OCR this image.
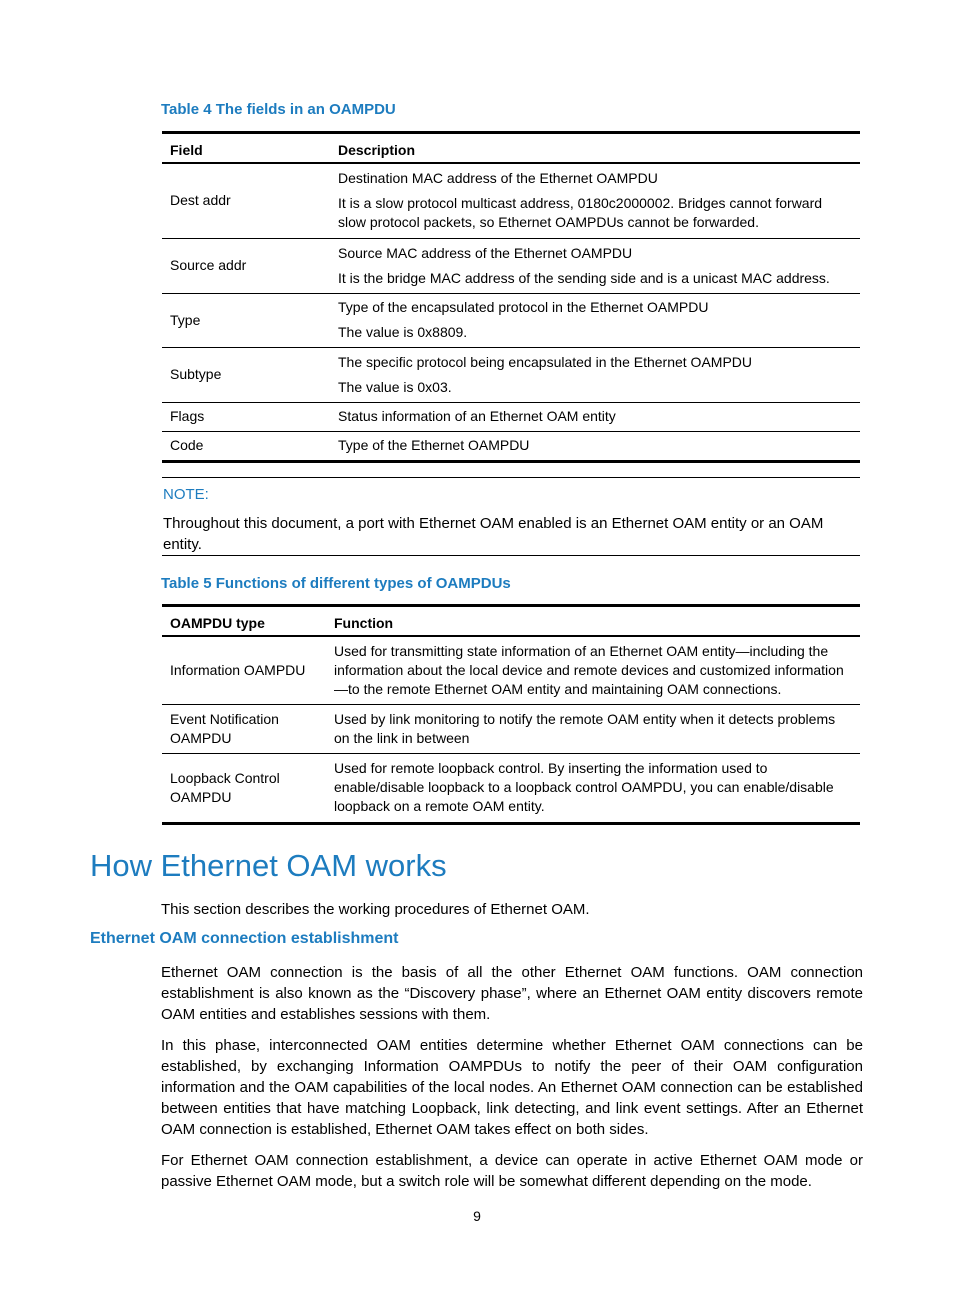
Table 4 The fields in an OAMPDU
Field	Description
Dest addr	Destination MAC address of the Ethernet OAMPDU

It is a slow protocol multicast address, 0180c2000002. Bridges cannot forward slow protocol packets, so Ethernet OAMPDUs cannot be forwarded.

Source addr	Source MAC address of the Ethernet OAMPDU

It is the bridge MAC address of the sending side and is a unicast MAC address.

Type	Type of the encapsulated protocol in the Ethernet OAMPDU

The value is 0x8809.

Subtype	The specific protocol being encapsulated in the Ethernet OAMPDU

The value is 0x03.

Flags	Status information of an Ethernet OAM entity

Code	Type of the Ethernet OAMPDU

NOTE:
Throughout this document, a port with Ethernet OAM enabled is an Ethernet OAM entity or an OAM entity.
Table 5 Functions of different types of OAMPDUs
OAMPDU type	Function
Information OAMPDU	Used for transmitting state information of an Ethernet OAM entity—including the information about the local device and remote devices and customized information—to the remote Ethernet OAM entity and maintaining OAM connections.
Event Notification OAMPDU	Used by link monitoring to notify the remote OAM entity when it detects problems on the link in between
Loopback Control OAMPDU	Used for remote loopback control. By inserting the information used to enable/disable loopback to a loopback control OAMPDU, you can enable/disable loopback on a remote OAM entity.
How Ethernet OAM works
This section describes the working procedures of Ethernet OAM.
Ethernet OAM connection establishment
Ethernet OAM connection is the basis of all the other Ethernet OAM functions. OAM connection establishment is also known as the “Discovery phase”, where an Ethernet OAM entity discovers remote OAM entities and establishes sessions with them.
In this phase, interconnected OAM entities determine whether Ethernet OAM connections can be established, by exchanging Information OAMPDUs to notify the peer of their OAM configuration information and the OAM capabilities of the local nodes. An Ethernet OAM connection can be established between entities that have matching Loopback, link detecting, and link event settings. After an Ethernet OAM connection is established, Ethernet OAM takes effect on both sides.
For Ethernet OAM connection establishment, a device can operate in active Ethernet OAM mode or passive Ethernet OAM mode, but a switch role will be somewhat different depending on the mode.
9
